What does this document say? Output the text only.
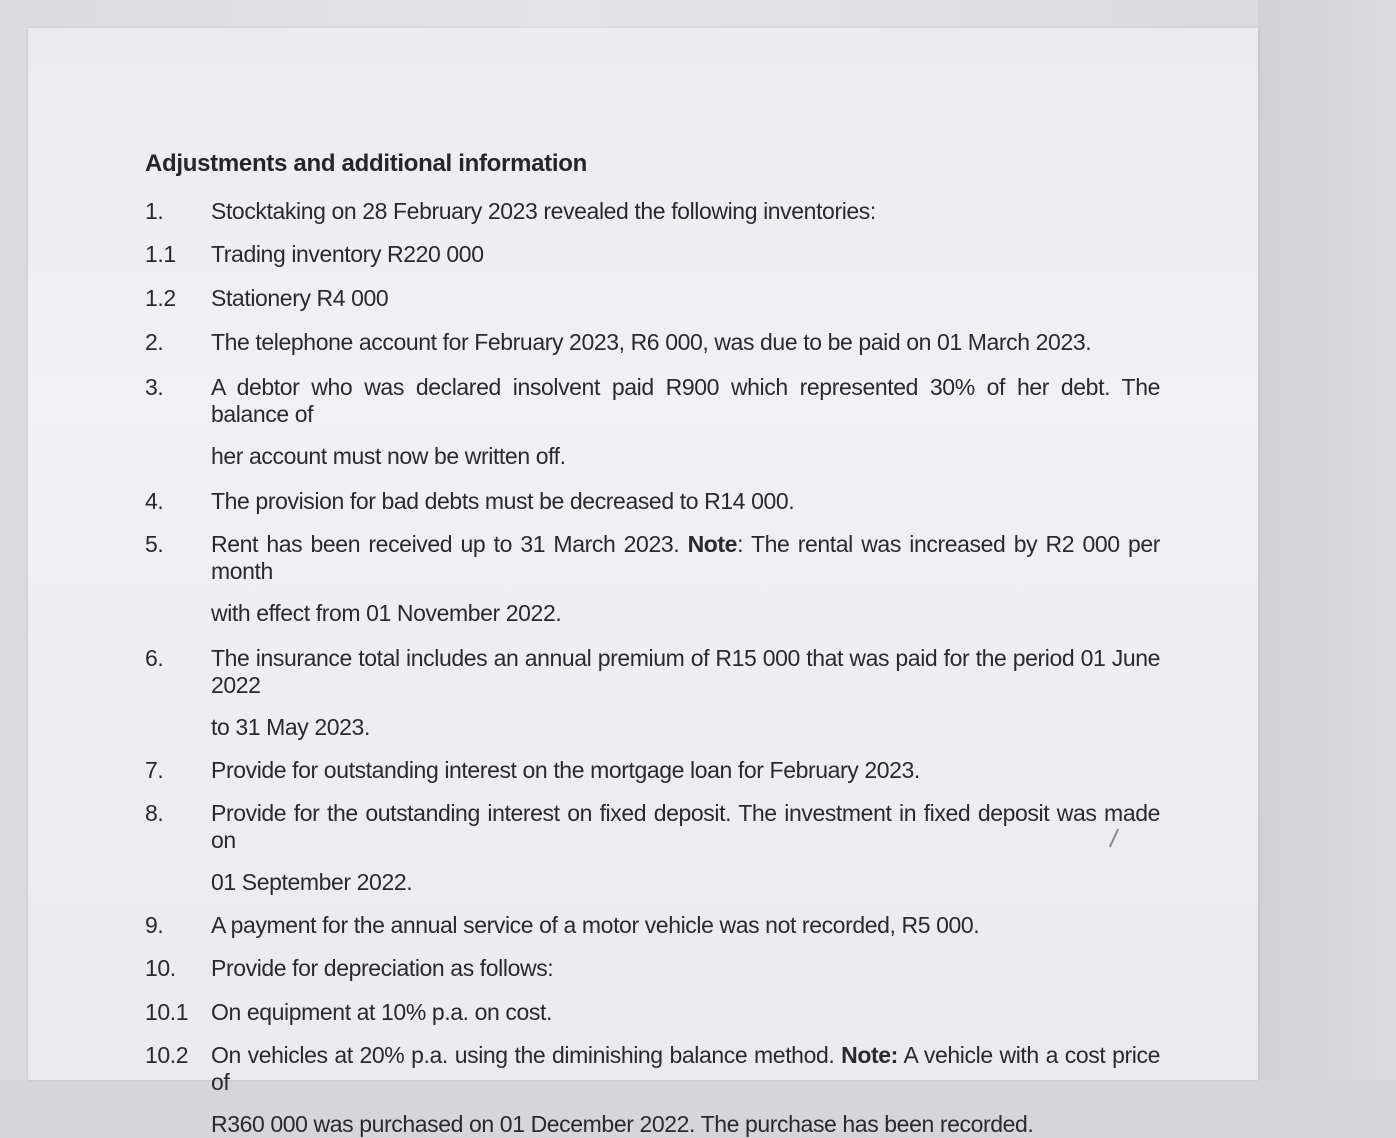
Adjustments and additional information
1.	Stocktaking on 28 February 2023 revealed the following inventories:
1.1	Trading inventory R220 000
1.2	Stationery R4 000
2.	The telephone account for February 2023, R6 000, was due to be paid on 01 March 2023.
3.	A debtor who was declared insolvent paid R900 which represented 30% of her debt. The balance of
her account must now be written off.
4.	The provision for bad debts must be decreased to R14 000.
5.	Rent has been received up to 31 March 2023. Note: The rental was increased by R2 000 per month
with effect from 01 November 2022.
6.	The insurance total includes an annual premium of R15 000 that was paid for the period 01 June 2022
to 31 May 2023.
7.	Provide for outstanding interest on the mortgage loan for February 2023.
8.	Provide for the outstanding interest on fixed deposit. The investment in fixed deposit was made on
01 September 2022.
9.	A payment for the annual service of a motor vehicle was not recorded, R5 000.
10.	Provide for depreciation as follows:
10.1 On equipment at 10% p.a. on cost.
10.2 On vehicles at 20% p.a. using the diminishing balance method. Note: A vehicle with a cost price of
R360 000 was purchased on 01 December 2022. The purchase has been recorded.
